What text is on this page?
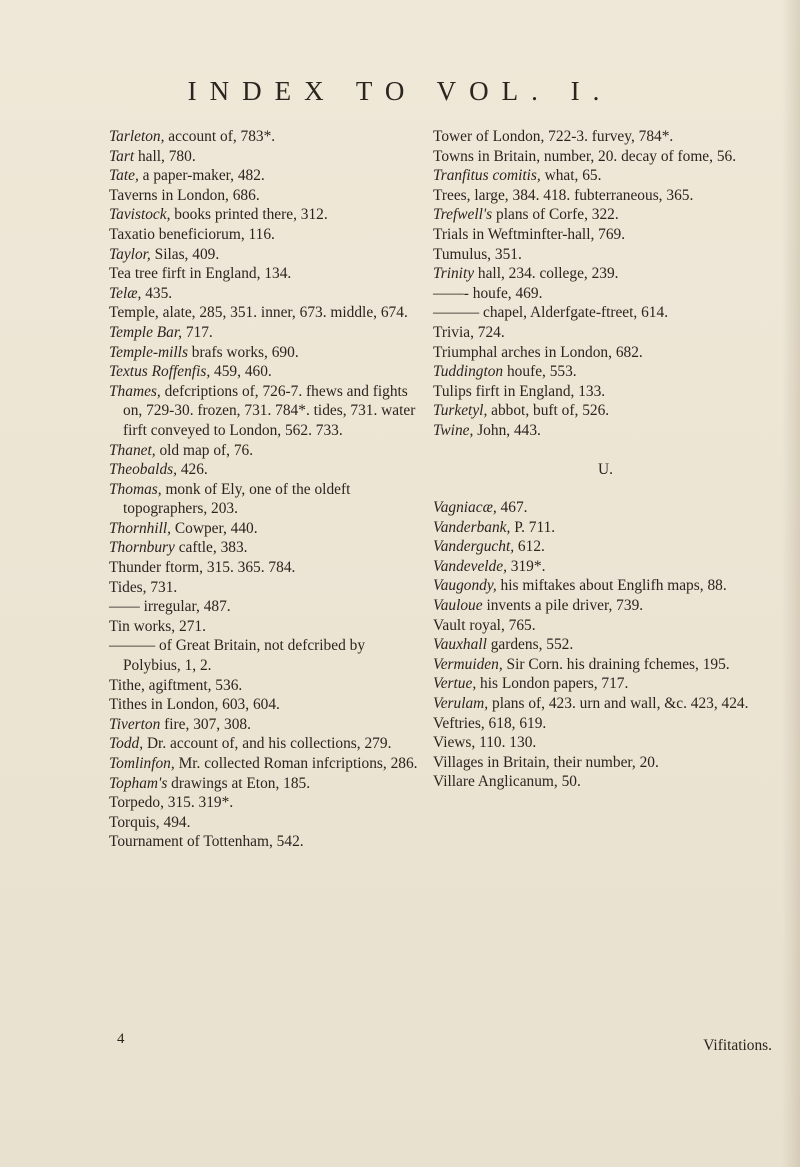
INDEX TO VOL. I.
Tarleton, account of, 783*.
Tart hall, 780.
Tate, a paper-maker, 482.
Taverns in London, 686.
Tavistock, books printed there, 312.
Taxatio beneficiorum, 116.
Taylor, Silas, 409.
Tea tree firft in England, 134.
Telæ, 435.
Temple, alate, 285, 351. inner, 673. middle, 674.
Temple Bar, 717.
Temple-mills brafs works, 690.
Textus Roffenfis, 459, 460.
Thames, defcriptions of, 726-7. fhews and fights on, 729-30. frozen, 731. 784*. tides, 731. water firft conveyed to London, 562. 733.
Thanet, old map of, 76.
Theobalds, 426.
Thomas, monk of Ely, one of the oldeft topographers, 203.
Thornhill, Cowper, 440.
Thornbury caftle, 383.
Thunder ftorm, 315. 365. 784.
Tides, 731.
—— irregular, 487.
Tin works, 271.
——— of Great Britain, not defcribed by Polybius, 1, 2.
Tithe, agiftment, 536.
Tithes in London, 603, 604.
Tiverton fire, 307, 308.
Todd, Dr. account of, and his collections, 279.
Tomlinfon, Mr. collected Roman infcriptions, 286.
Topham's drawings at Eton, 185.
Torpedo, 315. 319*.
Torquis, 494.
Tournament of Tottenham, 542.
Tower of London, 722-3. furvey, 784*.
Towns in Britain, number, 20. decay of fome, 56.
Tranfitus comitis, what, 65.
Trees, large, 384. 418. fubterraneous, 365.
Trefwell's plans of Corfe, 322.
Trials in Weftminfter-hall, 769.
Tumulus, 351.
Trinity hall, 234. college, 239.
——- houfe, 469.
——— chapel, Alderfgate-ftreet, 614.
Trivia, 724.
Triumphal arches in London, 682.
Tuddington houfe, 553.
Tulips firft in England, 133.
Turketyl, abbot, buft of, 526.
Twine, John, 443.
U.
Vagniacæ, 467.
Vanderbank, P. 711.
Vandergucht, 612.
Vandevelde, 319*.
Vaugondy, his miftakes about Englifh maps, 88.
Vauloue invents a pile driver, 739.
Vault royal, 765.
Vauxhall gardens, 552.
Vermuiden, Sir Corn. his draining fchemes, 195.
Vertue, his London papers, 717.
Verulam, plans of, 423. urn and wall, &c. 423, 424.
Veftries, 618, 619.
Views, 110. 130.
Villages in Britain, their number, 20.
Villare Anglicanum, 50.
4	Vifitations.
